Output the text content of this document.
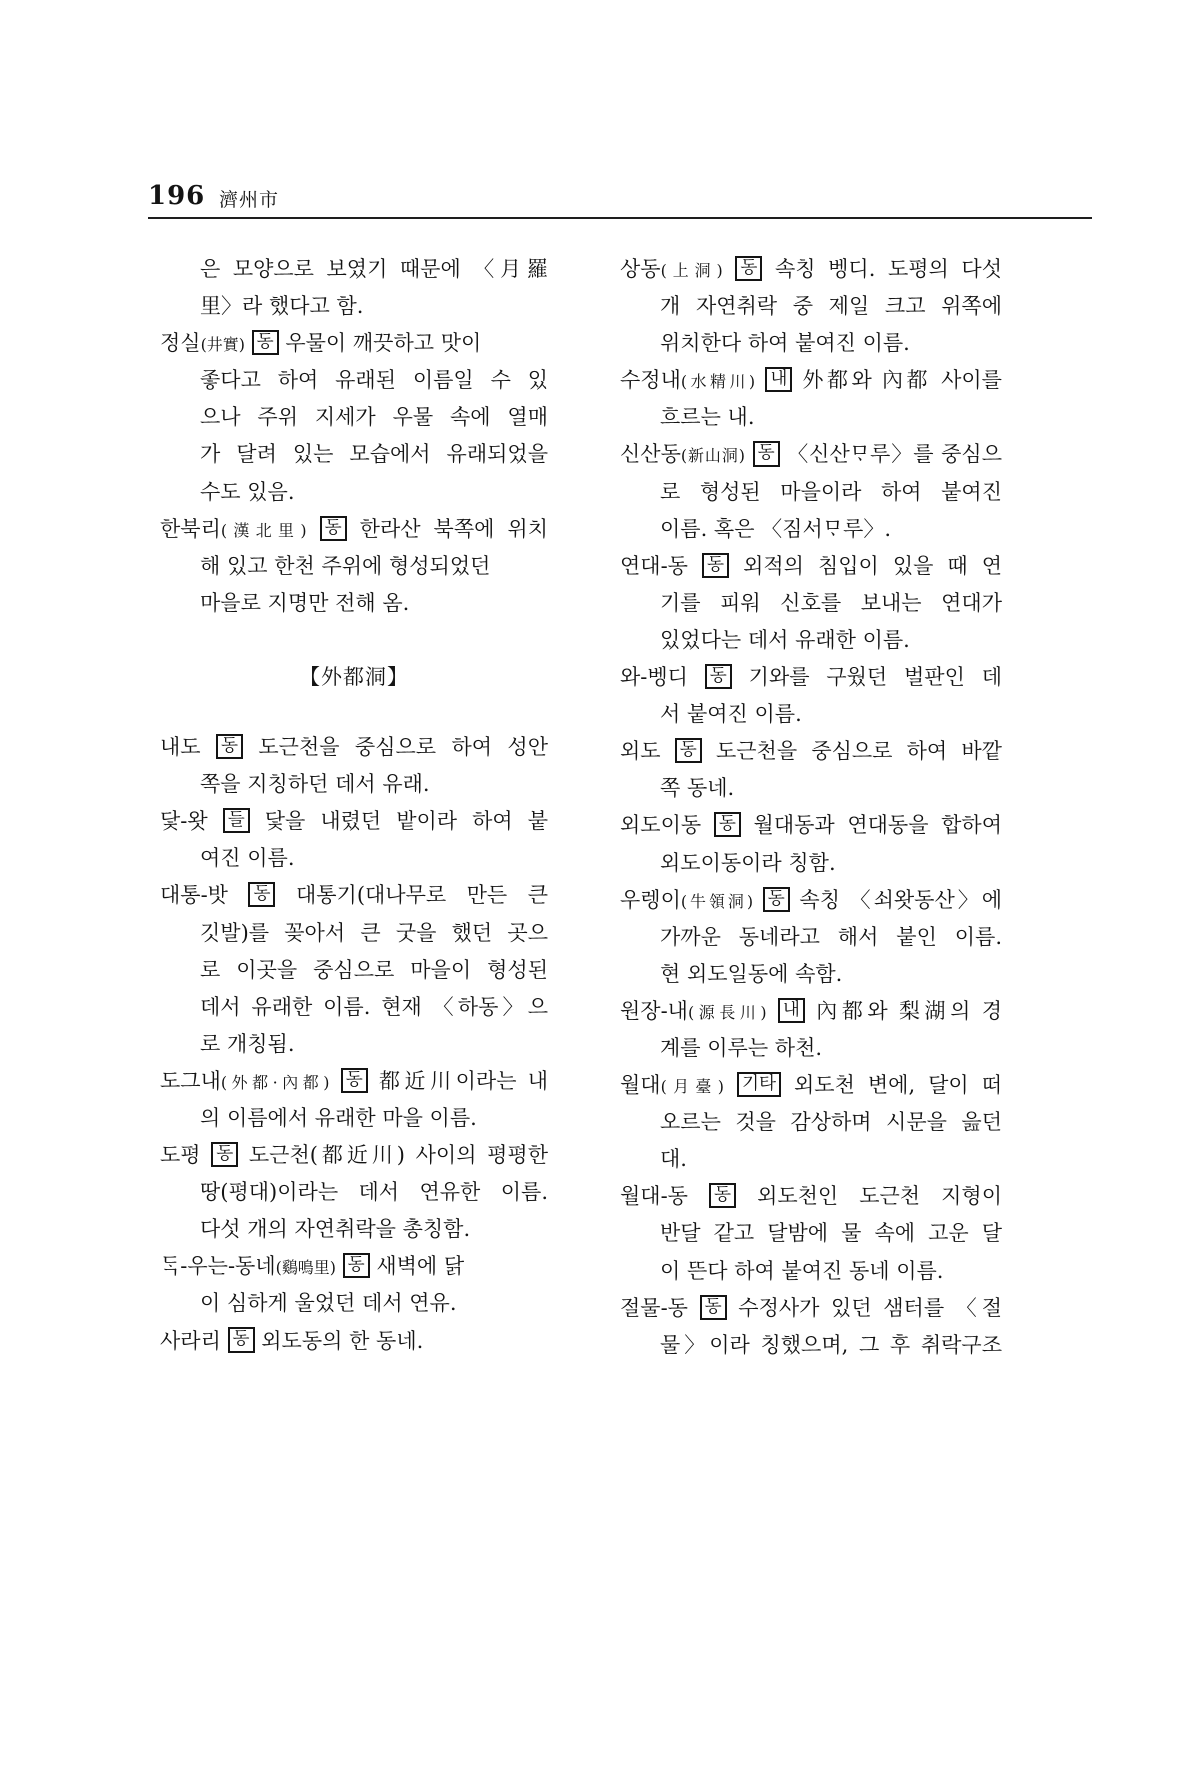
196 濟州市
은 모양으로 보였기 때문에 〈月羅
里〉라 했다고 함.
정실(井實) 동 우물이 깨끗하고 맛이
좋다고 하여 유래된 이름일 수 있
으나 주위 지세가 우물 속에 열매
가 달려 있는 모습에서 유래되었을
수도 있음.
한북리(漢北里) 동 한라산 북쪽에 위치
해 있고 한천 주위에 형성되었던
마을로 지명만 전해 옴.
【外都洞】
내도 동 도근천을 중심으로 하여 성안
쪽을 지칭하던 데서 유래.
닻-왓 들 닻을 내렸던 밭이라 하여 붙
여진 이름.
대통-밧 동 대통기(대나무로 만든 큰
깃발)를 꽂아서 큰 굿을 했던 곳으
로 이곳을 중심으로 마을이 형성된
데서 유래한 이름. 현재 〈하동〉으
로 개칭됨.
도그내(外都·內都) 동 都近川이라는 내
의 이름에서 유래한 마을 이름.
도평 동 도근천(都近川) 사이의 평평한
땅(평대)이라는 데서 연유한 이름.
다섯 개의 자연취락을 총칭함.
ᄃᆞᆨ-우는-동네(鷄鳴里) 동 새벽에 닭
이 심하게 울었던 데서 연유.
사라리 동 외도동의 한 동네.
상동(上洞) 동 속칭 벵디. 도평의 다섯
개 자연취락 중 제일 크고 위쪽에
위치한다 하여 붙여진 이름.
수정내(水精川) 내 外都와 內都 사이를
흐르는 내.
신산동(新山洞) 동 〈신산ᄆᆞ루〉를 중심으
로 형성된 마을이라 하여 붙여진
이름. 혹은 〈짐서ᄆᆞ루〉.
연대-동 동 외적의 침입이 있을 때 연
기를 피워 신호를 보내는 연대가
있었다는 데서 유래한 이름.
와-벵디 동 기와를 구웠던 벌판인 데
서 붙여진 이름.
외도 동 도근천을 중심으로 하여 바깥
쪽 동네.
외도이동 동 월대동과 연대동을 합하여
외도이동이라 칭함.
우렝이(牛領洞) 동 속칭 〈쇠왓동산〉에
가까운 동네라고 해서 붙인 이름.
현 외도일동에 속함.
원장-내(源長川) 내 內都와 梨湖의 경
계를 이루는 하천.
월대(月臺) 기타 외도천 변에, 달이 떠
오르는 것을 감상하며 시문을 읊던
대.
월대-동 동 외도천인 도근천 지형이
반달 같고 달밤에 물 속에 고운 달
이 뜬다 하여 붙여진 동네 이름.
절물-동 동 수정사가 있던 샘터를 〈절
물〉이라 칭했으며, 그 후 취락구조
